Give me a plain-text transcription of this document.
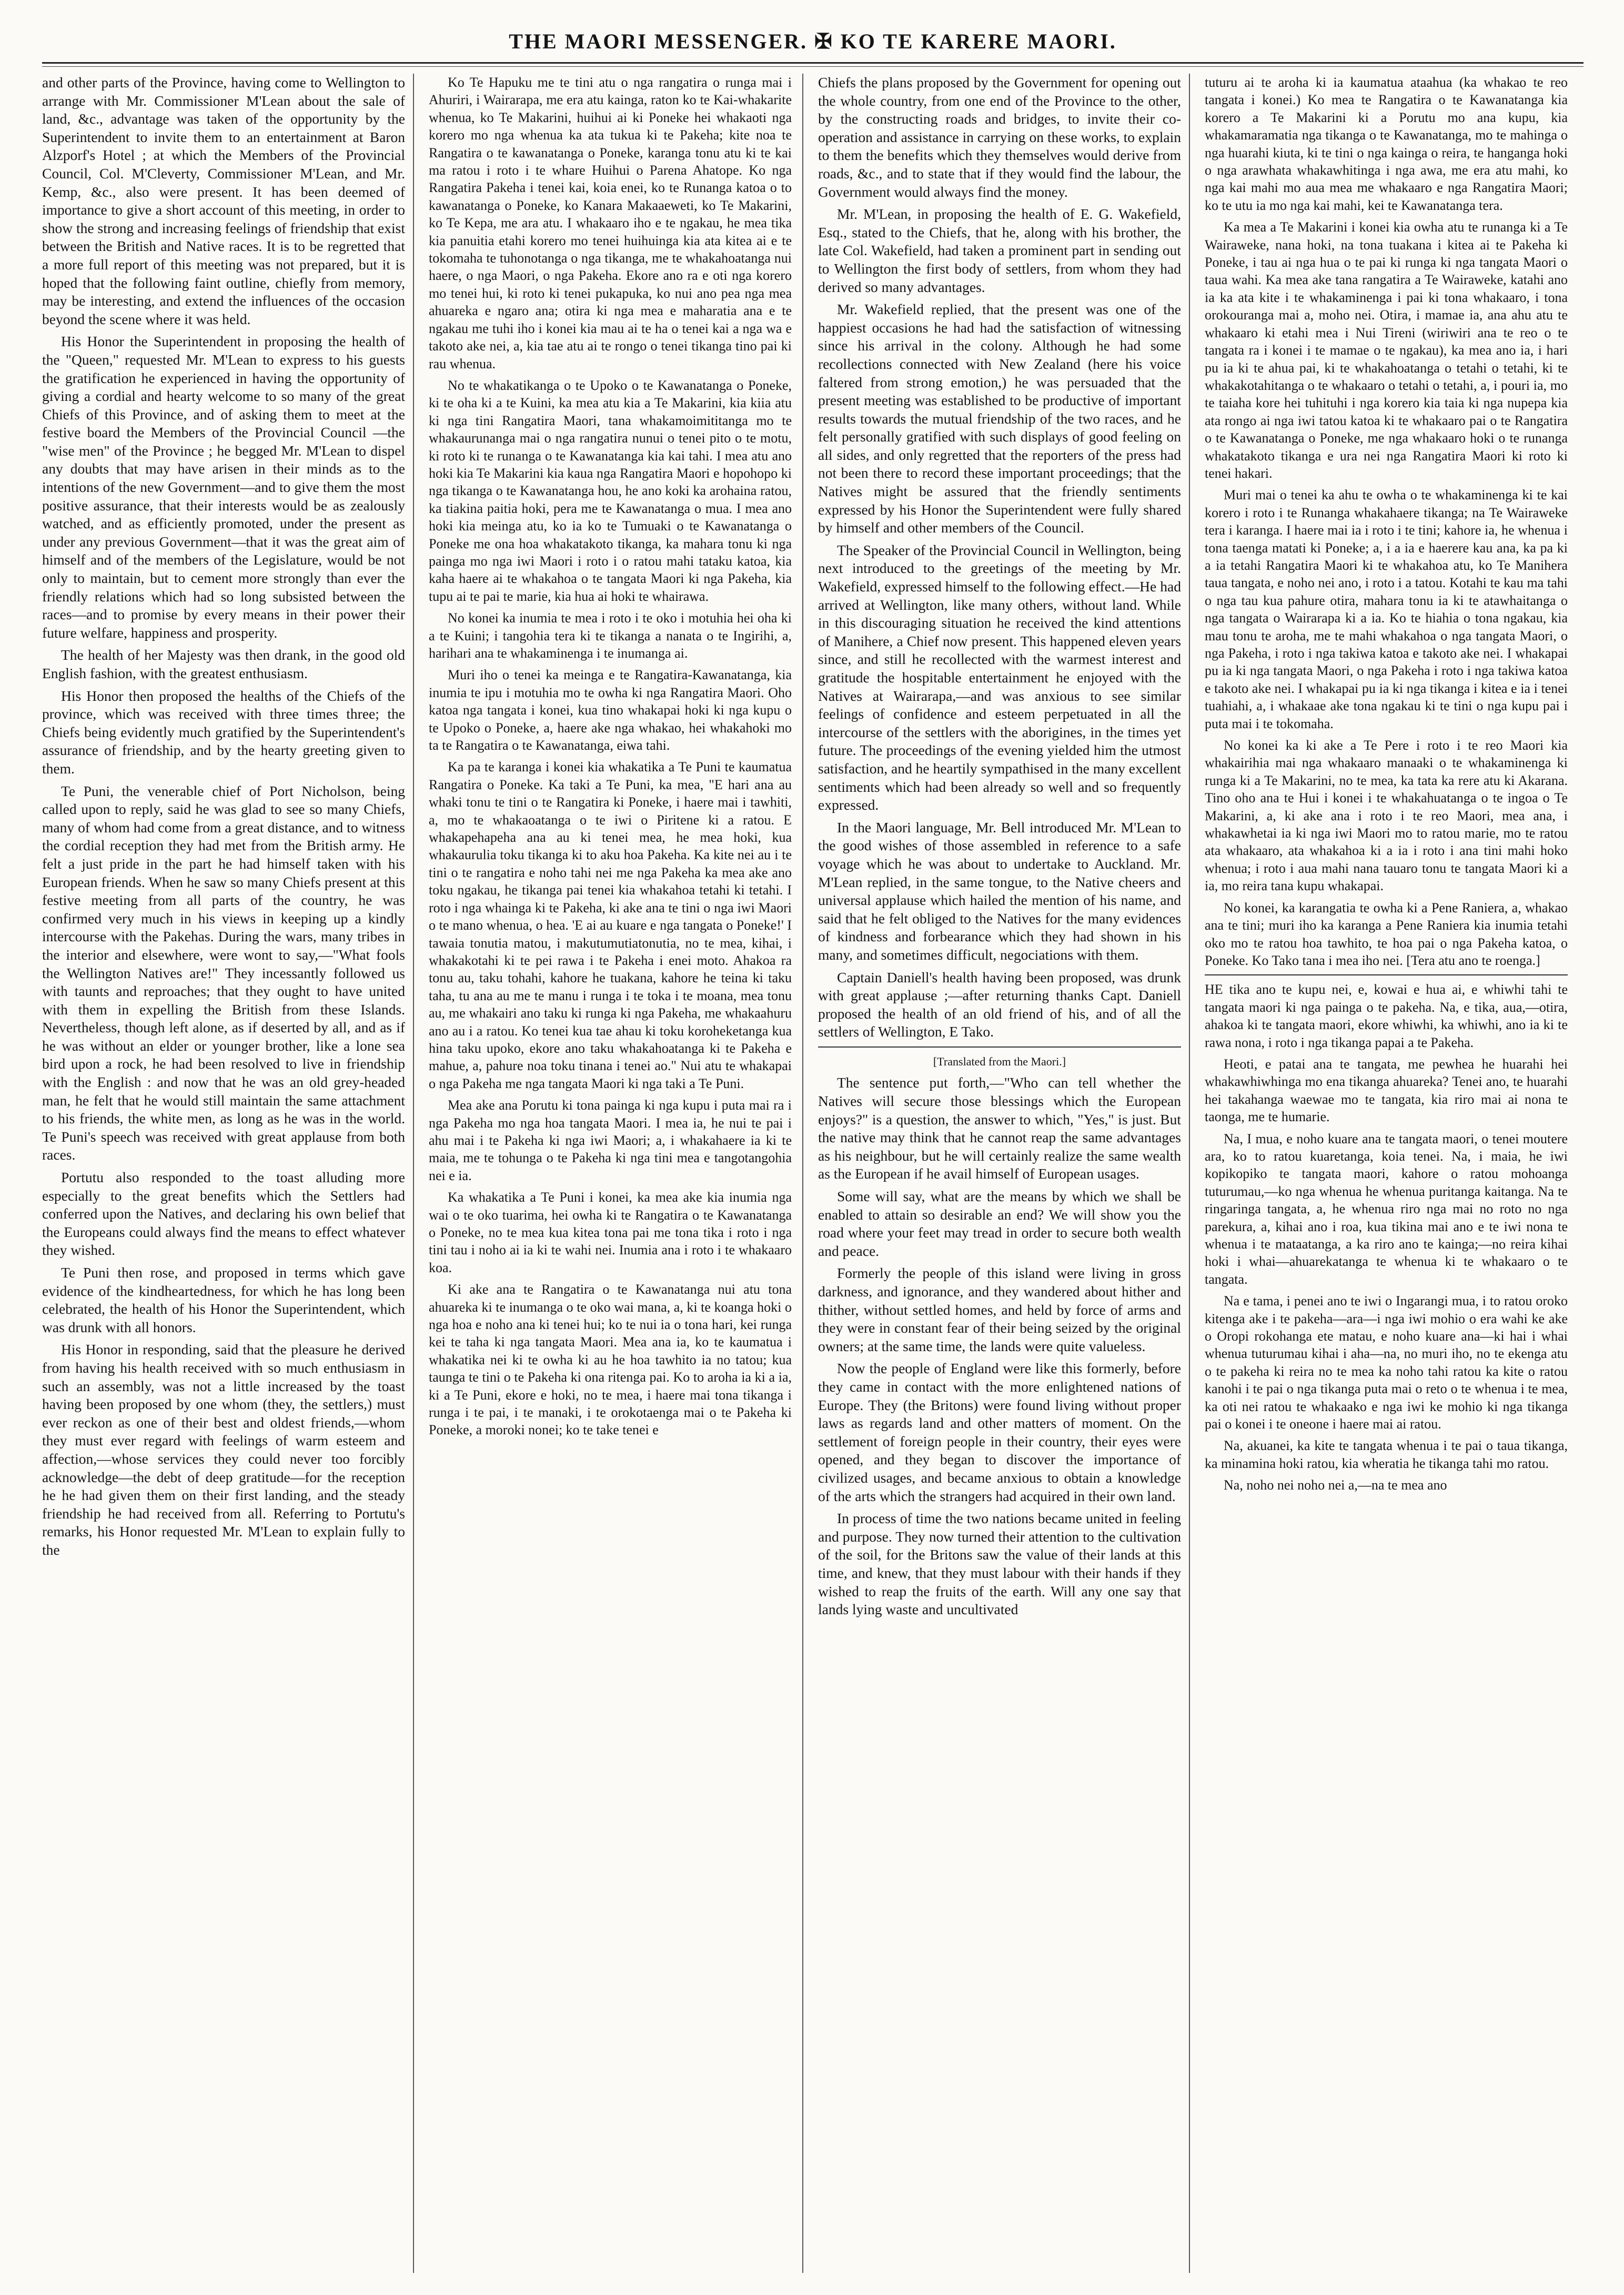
THE MAORI MESSENGER. ✠ KO TE KARERE MAORI.

and other parts of the Province, having come to Wellington to arrange with Mr. Commissioner M'Lean about the sale of land, &c., advantage was taken of the opportunity by the Superintendent to invite them to an entertainment at Baron Alzporf's Hotel ; at which the Members of the Provincial Council, Col. M'Cleverty, Commissioner M'Lean, and Mr. Kemp, &c., also were present. It has been deemed of importance to give a short account of this meeting, in order to show the strong and increasing feelings of friendship that exist between the British and Native races. It is to be regretted that a more full report of this meeting was not prepared, but it is hoped that the following faint outline, chiefly from memory, may be interesting, and extend the influences of the occasion beyond the scene where it was held.

His Honor the Superintendent in proposing the health of the "Queen," requested Mr. M'Lean to express to his guests the gratification he experienced in having the opportunity of giving a cordial and hearty welcome to so many of the great Chiefs of this Province, and of asking them to meet at the festive board the Members of the Provincial Council —the "wise men" of the Province ; he begged Mr. M'Lean to dispel any doubts that may have arisen in their minds as to the intentions of the new Government—and to give them the most positive assurance, that their interests would be as zealously watched, and as efficiently promoted, under the present as under any previous Government—that it was the great aim of himself and of the members of the Legislature, would be not only to maintain, but to cement more strongly than ever the friendly relations which had so long subsisted between the races—and to promise by every means in their power their future welfare, happiness and prosperity.

The health of her Majesty was then drank, in the good old English fashion, with the greatest enthusiasm.

His Honor then proposed the healths of the Chiefs of the province, which was received with three times three; the Chiefs being evidently much gratified by the Superintendent's assurance of friendship, and by the hearty greeting given to them.

Te Puni, the venerable chief of Port Nicholson, being called upon to reply, said he was glad to see so many Chiefs, many of whom had come from a great distance, and to witness the cordial reception they had met from the British army. He felt a just pride in the part he had himself taken with his European friends. When he saw so many Chiefs present at this festive meeting from all parts of the country, he was confirmed very much in his views in keeping up a kindly intercourse with the Pakehas. During the wars, many tribes in the interior and elsewhere, were wont to say,—"What fools the Wellington Natives are!" They incessantly followed us with taunts and reproaches; that they ought to have united with them in expelling the British from these Islands. Nevertheless, though left alone, as if deserted by all, and as if he was without an elder or younger brother, like a lone sea bird upon a rock, he had been resolved to live in friendship with the English : and now that he was an old grey-headed man, he felt that he would still maintain the same attachment to his friends, the white men, as long as he was in the world. Te Puni's speech was received with great applause from both races.

Portutu also responded to the toast alluding more especially to the great benefits which the Settlers had conferred upon the Natives, and declaring his own belief that the Europeans could always find the means to effect whatever they wished.

Te Puni then rose, and proposed in terms which gave evidence of the kindheartedness, for which he has long been celebrated, the health of his Honor the Superintendent, which was drunk with all honors.

His Honor in responding, said that the pleasure he derived from having his health received with so much enthusiasm in such an assembly, was not a little increased by the toast having been proposed by one whom (they, the settlers,) must ever reckon as one of their best and oldest friends,—whom they must ever regard with feelings of warm esteem and affection,—whose services they could never too forcibly acknowledge—the debt of deep gratitude—for the reception he he had given them on their first landing, and the steady friendship he had received from all. Referring to Portutu's remarks, his Honor requested Mr. M'Lean to explain fully to the

Ko Te Hapuku me te tini atu o nga rangatira o runga mai i Ahuriri, i Wairarapa, me era atu kainga, raton ko te Kai-whakarite whenua, ko Te Makarini, huihui ai ki Poneke hei whakaoti nga korero mo nga whenua ka ata tukua ki te Pakeha; kite noa te Rangatira o te kawanatanga o Poneke, karanga tonu atu ki te kai ma ratou i roto i te whare Huihui o Parena Ahatope. Ko nga Rangatira Pakeha i tenei kai, koia enei, ko te Runanga katoa o to kawanatanga o Poneke, ko Kanara Makaaeweti, ko Te Makarini, ko Te Kepa, me ara atu. I whakaaro iho e te ngakau, he mea tika kia panuitia etahi korero mo tenei huihuinga kia ata kitea ai e te tokomaha te tuhonotanga o nga tikanga, me te whakahoatanga nui haere, o nga Maori, o nga Pakeha. Ekore ano ra e oti nga korero mo tenei hui, ki roto ki tenei pukapuka, ko nui ano pea nga mea ahuareka e ngaro ana; otira ki nga mea e maharatia ana e te ngakau me tuhi iho i konei kia mau ai te ha o tenei kai a nga wa e takoto ake nei, a, kia tae atu ai te rongo o tenei tikanga tino pai ki rau whenua.

No te whakatikanga o te Upoko o te Kawanatanga o Poneke, ki te oha ki a te Kuini, ka mea atu kia a Te Makarini, kia kiia atu ki nga tini Rangatira Maori, tana whakamoimititanga mo te whakaurunanga mai o nga rangatira nunui o tenei pito o te motu, ki roto ki te runanga o te Kawanatanga kia kai tahi. I mea atu ano hoki kia Te Makarini kia kaua nga Rangatira Maori e hopohopo ki nga tikanga o te Kawanatanga hou, he ano koki ka arohaina ratou, ka tiakina paitia hoki, pera me te Kawanatanga o mua. I mea ano hoki kia meinga atu, ko ia ko te Tumuaki o te Kawanatanga o Poneke me ona hoa whakatakoto tikanga, ka mahara tonu ki nga painga mo nga iwi Maori i roto i o ratou mahi tataku katoa, kia kaha haere ai te whakahoa o te tangata Maori ki nga Pakeha, kia tupu ai te pai te marie, kia hua ai hoki te whairawa.

No konei ka inumia te mea i roto i te oko i motuhia hei oha ki a te Kuini; i tangohia tera ki te tikanga a nanata o te Ingirihi, a, harihari ana te whakaminenga i te inumanga ai.

Muri iho o tenei ka meinga e te Rangatira-Kawanatanga, kia inumia te ipu i motuhia mo te owha ki nga Rangatira Maori. Oho katoa nga tangata i konei, kua tino whakapai hoki ki nga kupu o te Upoko o Poneke, a, haere ake nga whakao, hei whakahoki mo ta te Rangatira o te Kawanatanga, eiwa tahi.

Ka pa te karanga i konei kia whakatika a Te Puni te kaumatua Rangatira o Poneke. Ka taki a Te Puni, ka mea, "E hari ana au whaki tonu te tini o te Rangatira ki Poneke, i haere mai i tawhiti, a, mo te whakaoatanga o te iwi o Piritene ki a ratou. E whakapehapeha ana au ki tenei mea, he mea hoki, kua whakaurulia toku tikanga ki to aku hoa Pakeha. Ka kite nei au i te tini o te rangatira e noho tahi nei me nga Pakeha ka mea ake ano toku ngakau, he tikanga pai tenei kia whakahoa tetahi ki tetahi. I roto i nga whainga ki te Pakeha, ki ake ana te tini o nga iwi Maori o te mano whenua, o hea. 'E ai au kuare e nga tangata o Poneke!' I tawaia tonutia matou, i makutumutiatonutia, no te mea, kihai, i whakakotahi ki te pei rawa i te Pakeha i enei moto. Ahakoa ra tonu au, taku tohahi, kahore he tuakana, kahore he teina ki taku taha, tu ana au me te manu i runga i te toka i te moana, mea tonu au, me whakairi ano taku ki runga ki nga Pakeha, me whakaahuru ano au i a ratou. Ko tenei kua tae ahau ki toku koroheketanga kua hina taku upoko, ekore ano taku whakahoatanga ki te Pakeha e mahue, a, pahure noa toku tinana i tenei ao." Nui atu te whakapai o nga Pakeha me nga tangata Maori ki nga taki a Te Puni.

Mea ake ana Porutu ki tona painga ki nga kupu i puta mai ra i nga Pakeha mo nga hoa tangata Maori. I mea ia, he nui te pai i ahu mai i te Pakeha ki nga iwi Maori; a, i whakahaere ia ki te maia, me te tohunga o te Pakeha ki nga tini mea e tangotangohia nei e ia.

Ka whakatika a Te Puni i konei, ka mea ake kia inumia nga wai o te oko tuarima, hei owha ki te Rangatira o te Kawanatanga o Poneke, no te mea kua kitea tona pai me tona tika i roto i nga tini tau i noho ai ia ki te wahi nei. Inumia ana i roto i te whakaaro koa.

Ki ake ana te Rangatira o te Kawanatanga nui atu tona ahuareka ki te inumanga o te oko wai mana, a, ki te koanga hoki o nga hoa e noho ana ki tenei hui; ko te nui ia o tona hari, kei runga kei te taha ki nga tangata Maori. Mea ana ia, ko te kaumatua i whakatika nei ki te owha ki au he hoa tawhito ia no tatou; kua taunga te tini o te Pakeha ki ona ritenga pai. Ko to aroha ia ki a ia, ki a Te Puni, ekore e hoki, no te mea, i haere mai tona tikanga i runga i te pai, i te manaki, i te orokotaenga mai o te Pakeha ki Poneke, a moroki nonei; ko te take tenei e

Chiefs the plans proposed by the Government for opening out the whole country, from one end of the Province to the other, by the constructing roads and bridges, to invite their co-operation and assistance in carrying on these works, to explain to them the benefits which they themselves would derive from roads, &c., and to state that if they would find the labour, the Government would always find the money.

Mr. M'Lean, in proposing the health of E. G. Wakefield, Esq., stated to the Chiefs, that he, along with his brother, the late Col. Wakefield, had taken a prominent part in sending out to Wellington the first body of settlers, from whom they had derived so many advantages.

Mr. Wakefield replied, that the present was one of the happiest occasions he had had the satisfaction of witnessing since his arrival in the colony. Although he had some recollections connected with New Zealand (here his voice faltered from strong emotion,) he was persuaded that the present meeting was established to be productive of important results towards the mutual friendship of the two races, and he felt personally gratified with such displays of good feeling on all sides, and only regretted that the reporters of the press had not been there to record these important proceedings; that the Natives might be assured that the friendly sentiments expressed by his Honor the Superintendent were fully shared by himself and other members of the Council.

The Speaker of the Provincial Council in Wellington, being next introduced to the greetings of the meeting by Mr. Wakefield, expressed himself to the following effect.—He had arrived at Wellington, like many others, without land. While in this discouraging situation he received the kind attentions of Manihere, a Chief now present. This happened eleven years since, and still he recollected with the warmest interest and gratitude the hospitable entertainment he enjoyed with the Natives at Wairarapa,—and was anxious to see similar feelings of confidence and esteem perpetuated in all the intercourse of the settlers with the aborigines, in the times yet future. The proceedings of the evening yielded him the utmost satisfaction, and he heartily sympathised in the many excellent sentiments which had been already so well and so frequently expressed.

In the Maori language, Mr. Bell introduced Mr. M'Lean to the good wishes of those assembled in reference to a safe voyage which he was about to undertake to Auckland. Mr. M'Lean replied, in the same tongue, to the Native cheers and universal applause which hailed the mention of his name, and said that he felt obliged to the Natives for the many evidences of kindness and forbearance which they had shown in his many, and sometimes difficult, negociations with them.

Captain Daniell's health having been proposed, was drunk with great applause ;—after returning thanks Capt. Daniell proposed the health of an old friend of his, and of all the settlers of Wellington, E Tako.

[Translated from the Maori.]

The sentence put forth,—"Who can tell whether the Natives will secure those blessings which the European enjoys?" is a question, the answer to which, "Yes," is just. But the native may think that he cannot reap the same advantages as his neighbour, but he will certainly realize the same wealth as the European if he avail himself of European usages.

Some will say, what are the means by which we shall be enabled to attain so desirable an end? We will show you the road where your feet may tread in order to secure both wealth and peace.

Formerly the people of this island were living in gross darkness, and ignorance, and they wandered about hither and thither, without settled homes, and held by force of arms and they were in constant fear of their being seized by the original owners; at the same time, the lands were quite valueless.

Now the people of England were like this formerly, before they came in contact with the more enlightened nations of Europe. They (the Britons) were found living without proper laws as regards land and other matters of moment. On the settlement of foreign people in their country, their eyes were opened, and they began to discover the importance of civilized usages, and became anxious to obtain a knowledge of the arts which the strangers had acquired in their own land.

In process of time the two nations became united in feeling and purpose. They now turned their attention to the cultivation of the soil, for the Britons saw the value of their lands at this time, and knew, that they must labour with their hands if they wished to reap the fruits of the earth. Will any one say that lands lying waste and uncultivated

tuturu ai te aroha ki ia kaumatua ataahua (ka whakao te reo tangata i konei.) Ko mea te Rangatira o te Kawanatanga kia korero a Te Makarini ki a Porutu mo ana kupu, kia whakamaramatia nga tikanga o te Kawanatanga, mo te mahinga o nga huarahi kiuta, ki te tini o nga kainga o reira, te hanganga hoki o nga arawhata whakawhitinga i nga awa, me era atu mahi, ko nga kai mahi mo aua mea me whakaaro e nga Rangatira Maori; ko te utu ia mo nga kai mahi, kei te Kawanatanga tera.

Ka mea a Te Makarini i konei kia owha atu te runanga ki a Te Wairaweke, nana hoki, na tona tuakana i kitea ai te Pakeha ki Poneke, i tau ai nga hua o te pai ki runga ki nga tangata Maori o taua wahi. Ka mea ake tana rangatira a Te Wairaweke, katahi ano ia ka ata kite i te whakaminenga i pai ki tona whakaaro, i tona orokouranga mai a, moho nei. Otira, i mamae ia, ana ahu atu te whakaaro ki etahi mea i Nui Tireni (wiriwiri ana te reo o te tangata ra i konei i te mamae o te ngakau), ka mea ano ia, i hari pu ia ki te ahua pai, ki te whakahoatanga o tetahi o tetahi, ki te whakakotahitanga o te whakaaro o tetahi o tetahi, a, i pouri ia, mo te taiaha kore hei tuhituhi i nga korero kia taia ki nga nupepa kia ata rongo ai nga iwi tatou katoa ki te whakaaro pai o te Rangatira o te Kawanatanga o Poneke, me nga whakaaro hoki o te runanga whakatakoto tikanga e ura nei nga Rangatira Maori ki roto ki tenei hakari.

Muri mai o tenei ka ahu te owha o te whakaminenga ki te kai korero i roto i te Runanga whakahaere tikanga; na Te Wairaweke tera i karanga. I haere mai ia i roto i te tini; kahore ia, he whenua i tona taenga matati ki Poneke; a, i a ia e haerere kau ana, ka pa ki a ia tetahi Rangatira Maori ki te whakahoa atu, ko Te Manihera taua tangata, e noho nei ano, i roto i a tatou. Kotahi te kau ma tahi o nga tau kua pahure otira, mahara tonu ia ki te atawhaitanga o nga tangata o Wairarapa ki a ia. Ko te hiahia o tona ngakau, kia mau tonu te aroha, me te mahi whakahoa o nga tangata Maori, o nga Pakeha, i roto i nga takiwa katoa e takoto ake nei. I whakapai pu ia ki nga tangata Maori, o nga Pakeha i roto i nga takiwa katoa e takoto ake nei. I whakapai pu ia ki nga tikanga i kitea e ia i tenei tuahiahi, a, i whakaae ake tona ngakau ki te tini o nga kupu pai i puta mai i te tokomaha.

No konei ka ki ake a Te Pere i roto i te reo Maori kia whakairihia mai nga whakaaro manaaki o te whakaminenga ki runga ki a Te Makarini, no te mea, ka tata ka rere atu ki Akarana. Tino oho ana te Hui i konei i te whakahuatanga o te ingoa o Te Makarini, a, ki ake ana i roto i te reo Maori, mea ana, i whakawhetai ia ki nga iwi Maori mo to ratou marie, mo te ratou ata whakaaro, ata whakahoa ki a ia i roto i ana tini mahi hoko whenua; i roto i aua mahi nana tauaro tonu te tangata Maori ki a ia, mo reira tana kupu whakapai.

No konei, ka karangatia te owha ki a Pene Raniera, a, whakao ana te tini; muri iho ka karanga a Pene Raniera kia inumia tetahi oko mo te ratou hoa tawhito, te hoa pai o nga Pakeha katoa, o Poneke. Ko Tako tana i mea iho nei. [Tera atu ano te roenga.]

HE tika ano te kupu nei, e, kowai e hua ai, e whiwhi tahi te tangata maori ki nga painga o te pakeha. Na, e tika, aua,—otira, ahakoa ki te tangata maori, ekore whiwhi, ka whiwhi, ano ia ki te rawa nona, i roto i nga tikanga papai a te Pakeha.

Heoti, e patai ana te tangata, me pewhea he huarahi hei whakawhiwhinga mo ena tikanga ahuareka? Tenei ano, te huarahi hei takahanga waewae mo te tangata, kia riro mai ai nona te taonga, me te humarie.

Na, I mua, e noho kuare ana te tangata maori, o tenei moutere ara, ko to ratou kuaretanga, koia tenei. Na, i maia, he iwi kopikopiko te tangata maori, kahore o ratou mohoanga tuturumau,—ko nga whenua he whenua puritanga kaitanga. Na te ringaringa tangata, a, he whenua riro nga mai no roto no nga parekura, a, kihai ano i roa, kua tikina mai ano e te iwi nona te whenua i te mataatanga, a ka riro ano te kainga;—no reira kihai hoki i whai—ahuarekatanga te whenua ki te whakaaro o te tangata.

Na e tama, i penei ano te iwi o Ingarangi mua, i to ratou oroko kitenga ake i te pakeha—ara—i nga iwi mohio o era wahi ke ake o Oropi rokohanga ete matau, e noho kuare ana—ki hai i whai whenua tuturumau kihai i aha—na, no muri iho, no te ekenga atu o te pakeha ki reira no te mea ka noho tahi ratou ka kite o ratou kanohi i te pai o nga tikanga puta mai o reto o te whenua i te mea, ka oti nei ratou te whakaako e nga iwi ke mohio ki nga tikanga pai o konei i te oneone i haere mai ai ratou.

Na, akuanei, ka kite te tangata whenua i te pai o taua tikanga, ka minamina hoki ratou, kia wheratia he tikanga tahi mo ratou.

Na, noho nei noho nei a,—na te mea ano
